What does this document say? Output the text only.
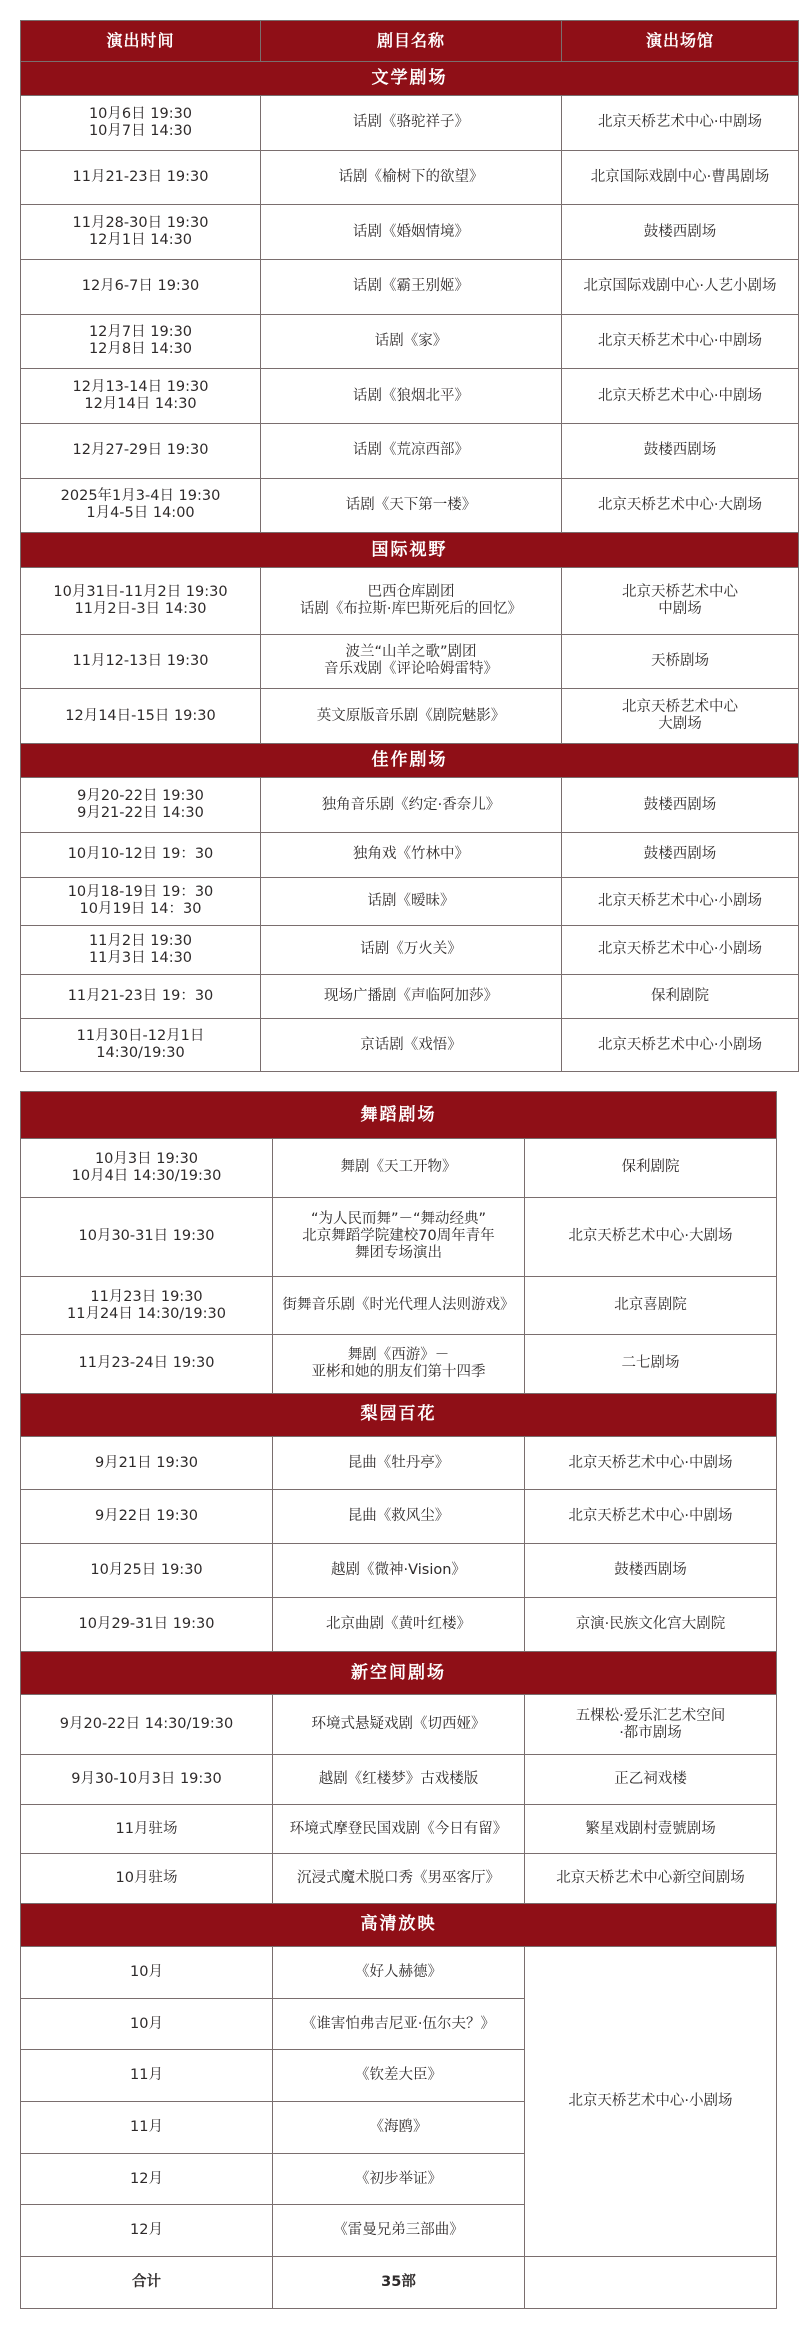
演出时间	剧目名称	演出场馆
文学剧场		

10月6日 19:30
10月7日 14:30	话剧《骆驼祥子》	北京天桥艺术中心·中剧场

11月21-23日 19:30	话剧《榆树下的欲望》	北京国际戏剧中心·曹禺剧场

11月28-30日 19:30
12月1日 14:30	话剧《婚姻情境》	鼓楼西剧场

12月6-7日 19:30	话剧《霸王别姬》	北京国际戏剧中心·人艺小剧场

12月7日 19:30
12月8日 14:30	话剧《家》	北京天桥艺术中心·中剧场

12月13-14日 19:30
12月14日 14:30	话剧《狼烟北平》	北京天桥艺术中心·中剧场

12月27-29日 19:30	话剧《荒凉西部》	鼓楼西剧场

2025年1月3-4日 19:30
1月4-5日 14:00	话剧《天下第一楼》	北京天桥艺术中心·大剧场

国际视野		

10月31日-11月2日 19:30
11月2日-3日 14:30	巴西仓库剧团
话剧《布拉斯·库巴斯死后的回忆》	北京天桥艺术中心
中剧场

11月12-13日 19:30	波兰“山羊之歌”剧团
音乐戏剧《评论哈姆雷特》	天桥剧场

12月14日-15日 19:30	英文原版音乐剧《剧院魅影》	北京天桥艺术中心
大剧场

佳作剧场		

9月20-22日 19:30
9月21-22日 14:30	独角音乐剧《约定·香奈儿》	鼓楼西剧场

10月10-12日 19：30	独角戏《竹林中》	鼓楼西剧场

10月18-19日 19：30
10月19日 14：30	话剧《暧昧》	北京天桥艺术中心·小剧场

11月2日 19:30
11月3日 14:30	话剧《万火关》	北京天桥艺术中心·小剧场

11月21-23日 19：30	现场广播剧《声临阿加莎》	保利剧院

11月30日-12月1日
14:30/19:30	京话剧《戏悟》	北京天桥艺术中心·小剧场
舞蹈剧场		

10月3日 19:30
10月4日 14:30/19:30	舞剧《天工开物》	保利剧院

10月30-31日 19:30	“为人民而舞”－“舞动经典”
北京舞蹈学院建校70周年青年
舞团专场演出	北京天桥艺术中心·大剧场

11月23日 19:30
11月24日 14:30/19:30	街舞音乐剧《时光代理人法则游戏》	北京喜剧院

11月23-24日 19:30	舞剧《西游》－
亚彬和她的朋友们第十四季	二七剧场

梨园百花		

9月21日 19:30	昆曲《牡丹亭》	北京天桥艺术中心·中剧场

9月22日 19:30	昆曲《救风尘》	北京天桥艺术中心·中剧场

10月25日 19:30	越剧《微神·Vision》	鼓楼西剧场

10月29-31日 19:30	北京曲剧《黄叶红楼》	京演·民族文化宫大剧院

新空间剧场		

9月20-22日 14:30/19:30	环境式悬疑戏剧《切西娅》	五棵松·爱乐汇艺术空间
·都市剧场

9月30-10月3日 19:30	越剧《红楼梦》古戏楼版	正乙祠戏楼

11月驻场	环境式摩登民国戏剧《今日有留》	繁星戏剧村壹號剧场

10月驻场	沉浸式魔术脱口秀《男巫客厅》	北京天桥艺术中心新空间剧场

高清放映		

10月	《好人赫德》	北京天桥艺术中心·小剧场

10月	《谁害怕弗吉尼亚·伍尔夫？》	

11月	《钦差大臣》	

11月	《海鸥》	

12月	《初步举证》	

12月	《雷曼兄弟三部曲》	

合计	35部	
